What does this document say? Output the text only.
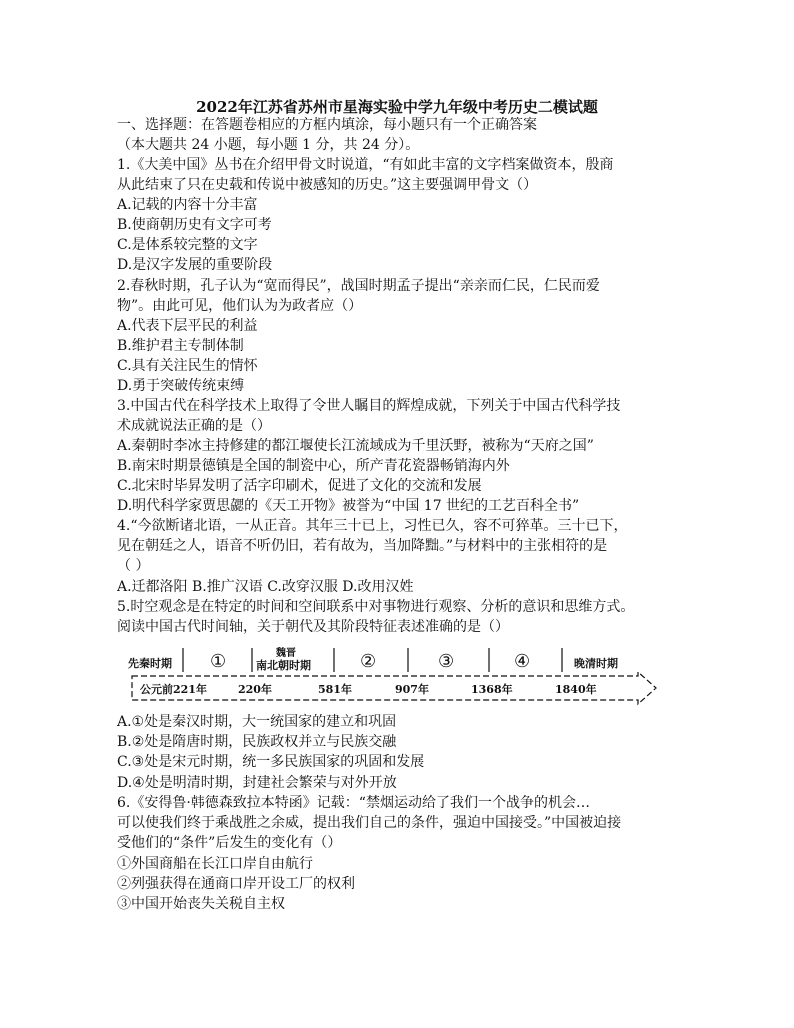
2022年江苏省苏州市星海实验中学九年级中考历史二模试题
一、选择题：在答题卷相应的方框内填涂，每小题只有一个正确答案
（本大题共 24 小题，每小题 1 分，共 24 分）。
1.《大美中国》丛书在介绍甲骨文时说道，“有如此丰富的文字档案做资本，殷商
从此结束了只在史载和传说中被感知的历史。”这主要强调甲骨文（）
A.记载的内容十分丰富
B.使商朝历史有文字可考
C.是体系较完整的文字
D.是汉字发展的重要阶段
2.春秋时期，孔子认为“宽而得民”，战国时期孟子提出“亲亲而仁民，仁民而爱
物”。由此可见，他们认为为政者应（）
A.代表下层平民的利益
B.维护君主专制体制
C.具有关注民生的情怀
D.勇于突破传统束缚
3.中国古代在科学技术上取得了令世人瞩目的辉煌成就，下列关于中国古代科学技
术成就说法正确的是（）
A.秦朝时李冰主持修建的都江堰使长江流域成为千里沃野，被称为“天府之国”
B.南宋时期景德镇是全国的制瓷中心，所产青花瓷器畅销海内外
C.北宋时毕昇发明了活字印刷术，促进了文化的交流和发展
D.明代科学家贾思勰的《天工开物》被誉为“中国 17 世纪的工艺百科全书”
4.“今欲断诸北语，一从正音。其年三十已上，习性已久，容不可猝革。三十已下，
见在朝廷之人，语音不听仍旧，若有故为，当加降黜。”与材料中的主张相符的是
（ ）
A.迁都洛阳 B.推广汉语 C.改穿汉服 D.改用汉姓
5.时空观念是在特定的时间和空间联系中对事物进行观察、分析的意识和思维方式。
阅读中国古代时间轴，关于朝代及其阶段特征表述准确的是（）
先秦时期 ①	魏晋
南北朝时期	②	③	④	晚清时期
公元前221年	220年	581年	907年	1368年	1840年
A.①处是秦汉时期，大一统国家的建立和巩固
B.②处是隋唐时期，民族政权并立与民族交融
C.③处是宋元时期，统一多民族国家的巩固和发展
D.④处是明清时期，封建社会繁荣与对外开放
6.《安得鲁·韩德森致拉本特函》记载：“禁烟运动给了我们一个战争的机会…
可以使我们终于乘战胜之余威，提出我们自己的条件，强迫中国接受。”中国被迫接
受他们的“条件”后发生的变化有（）
①外国商船在长江口岸自由航行
②列强获得在通商口岸开设工厂的权利
③中国开始丧失关税自主权
